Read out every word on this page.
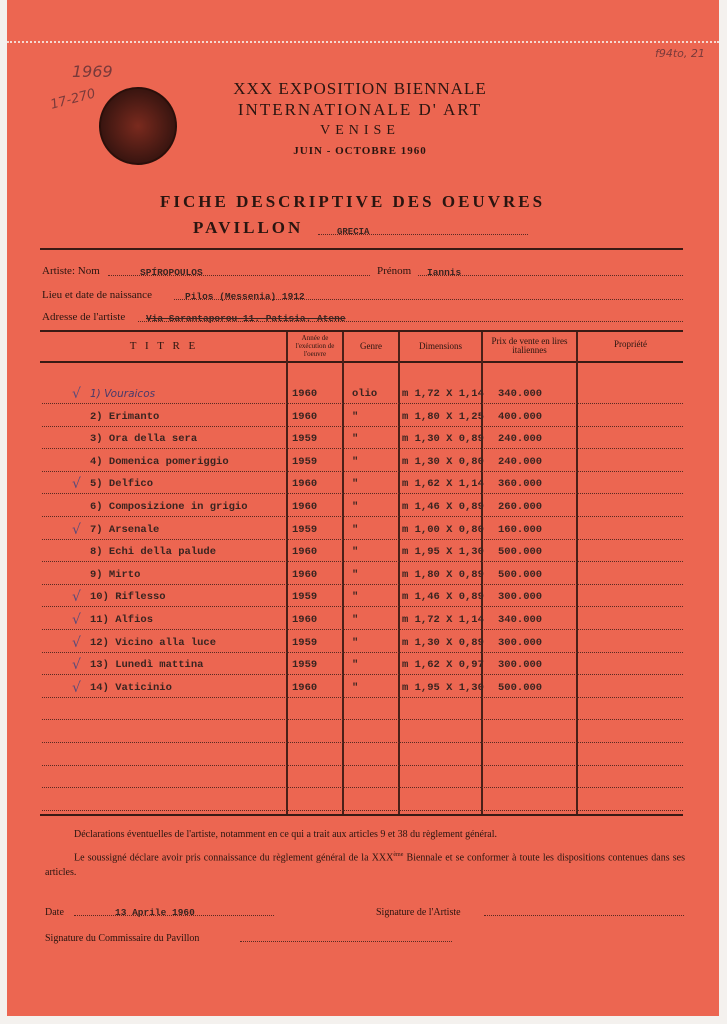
1969
17-270
f94to, 21
XXX EXPOSITION BIENNALE
INTERNATIONALE D' ART
VENISE
JUIN - OCTOBRE 1960
FICHE DESCRIPTIVE DES OEUVRES
PAVILLON	GRECIA
Artiste: Nom	SPÍROPOULOS	Prénom Iannis
Lieu et date de naissance	Pilos (Messenia) 1912
Adresse de l'artiste Via Sarantaporou 11. Patisia. Atene
T I T R E
Année de l'exécution de l'oeuvre
Genre	Dimensions	Prix de vente en lires italiennes
Propriété
√ 1) Vouraicos	1960	olio m 1,72 X 1,14 340.000
2) Erimanto	1960	"	m 1,80 X 1,25 400.000
3) Ora della sera	1959	"	m 1,30 X 0,89 240.000
4) Domenica pomeriggio	1959	"	m 1,30 X 0,80 240.000
√ 5) Delfico	1960	"	m 1,62 X 1,14 360.000
6) Composizione in grigio	1960	"	m 1,46 X 0,89 260.000
√ 7) Arsenale	1959	"	m 1,00 X 0,80 160.000
8) Echi della palude	1960	"	m 1,95 X 1,30 500.000
9) Mirto	1960	"	m 1,80 X 0,89 500.000
√ 10) Riflesso	1959	"	m 1,46 X 0,89 300.000
√ 11) Alfios	1960	"	m 1,72 X 1,14 340.000
√ 12) Vicino alla luce	1959	"	m 1,30 X 0,89 300.000
√ 13) Lunedì mattina	1959	"	m 1,62 X 0,97 300.000
√ 14) Vaticinio	1960	"	m 1,95 X 1,30 500.000
Déclarations éventuelles de l'artiste, notamment en ce qui a trait aux articles 9 et 38 du règlement général.
Le soussigné déclare avoir pris connaissance du règlement général de la XXXème Biennale et se conformer à toute les dispositions contenues dans ses articles.
Date	13 Aprile 1960	Signature de l'Artiste
Signature du Commissaire du Pavillon
